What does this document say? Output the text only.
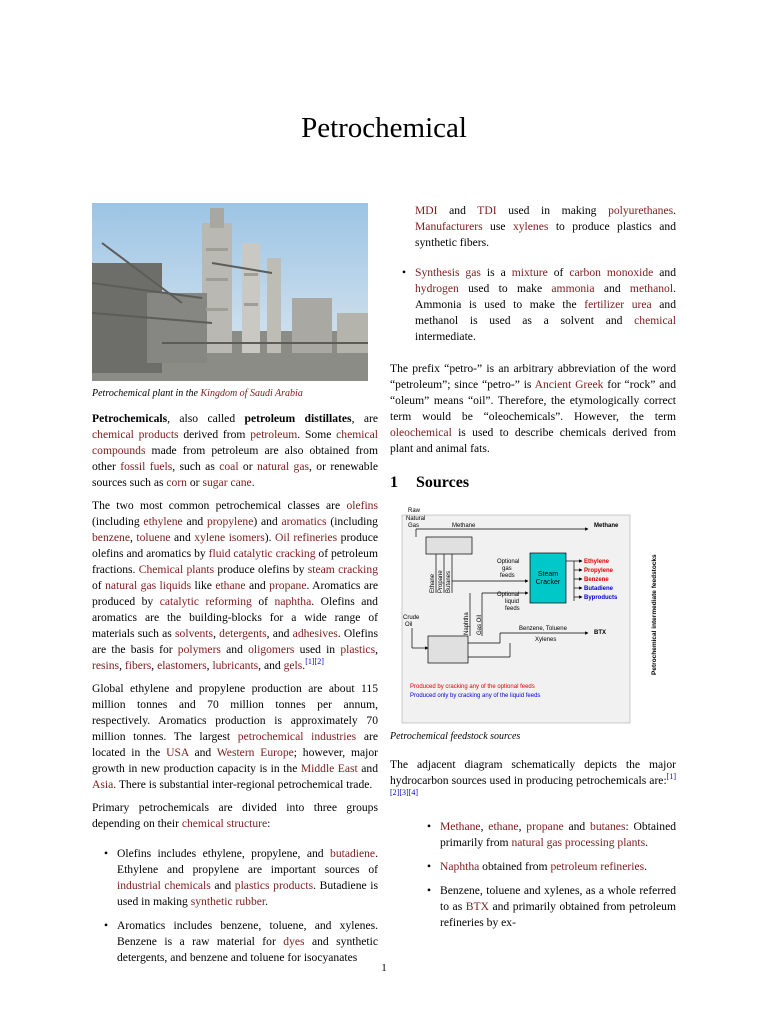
Petrochemical
Petrochemical plant in the Kingdom of Saudi Arabia

Petrochemicals, also called petroleum distillates, are chemical products derived from petroleum. Some chemical compounds made from petroleum are also obtained from other fossil fuels, such as coal or natural gas, or renewable sources such as corn or sugar cane.

The two most common petrochemical classes are olefins (including ethylene and propylene) and aromatics (including benzene, toluene and xylene isomers). Oil refineries produce olefins and aromatics by fluid catalytic cracking of petroleum fractions. Chemical plants produce olefins by steam cracking of natural gas liquids like ethane and propane. Aromatics are produced by catalytic reforming of naphtha. Olefins and aromatics are the building-blocks for a wide range of materials such as solvents, detergents, and adhesives. Olefins are the basis for polymers and oligomers used in plastics, resins, fibers, elastomers, lubricants, and gels.[1][2]

Global ethylene and propylene production are about 115 million tonnes and 70 million tonnes per annum, respectively. Aromatics production is approximately 70 million tonnes. The largest petrochemical industries are located in the USA and Western Europe; however, major growth in new production capacity is in the Middle East and Asia. There is substantial inter-regional petrochemical trade.

Primary petrochemicals are divided into three groups depending on their chemical structure:

• Olefins includes ethylene, propylene, and butadiene. Ethylene and propylene are important sources of industrial chemicals and plastics products. Butadiene is used in making synthetic rubber.
• Aromatics includes benzene, toluene, and xylenes. Benzene is a raw material for dyes and synthetic detergents, and benzene and toluene for isocyanates
MDI and TDI used in making polyurethanes. Manufacturers use xylenes to produce plastics and synthetic fibers.
• Synthesis gas is a mixture of carbon monoxide and hydrogen used to make ammonia and methanol. Ammonia is used to make the fertilizer urea and methanol is used as a solvent and chemical intermediate.

The prefix “petro-” is an arbitrary abbreviation of the word “petroleum”; since “petro-” is Ancient Greek for “rock” and “oleum” means “oil”. Therefore, the etymologically correct term would be “oleochemicals”. However, the term oleochemical is used to describe chemicals derived from plant and animal fats.

1 Sources
Raw
Natural
Gas	Methane
Optional
gas
feeds
Optional
liquid
feeds
Crude
Oil
Benzene, Toluene
Xylenes
Methane
BTX
Ethane Propane Butanes
Naphtha Gas Oil	Petrochemical intermediate feedstocks
Steam
Cracker
Ethylene
Propylene
Benzene
Butadiene
Byproducts
Produced by cracking any of the optional feeds
Produced only by cracking any of the liquid feeds
Petrochemical feedstock sources

The adjacent diagram schematically depicts the major hydrocarbon sources used in producing petrochemicals are:[1][2][3][4]

• Methane, ethane, propane and butanes: Obtained primarily from natural gas processing plants.
• Naphtha obtained from petroleum refineries.
• Benzene, toluene and xylenes, as a whole referred to as BTX and primarily obtained from petroleum refineries by ex-
1
